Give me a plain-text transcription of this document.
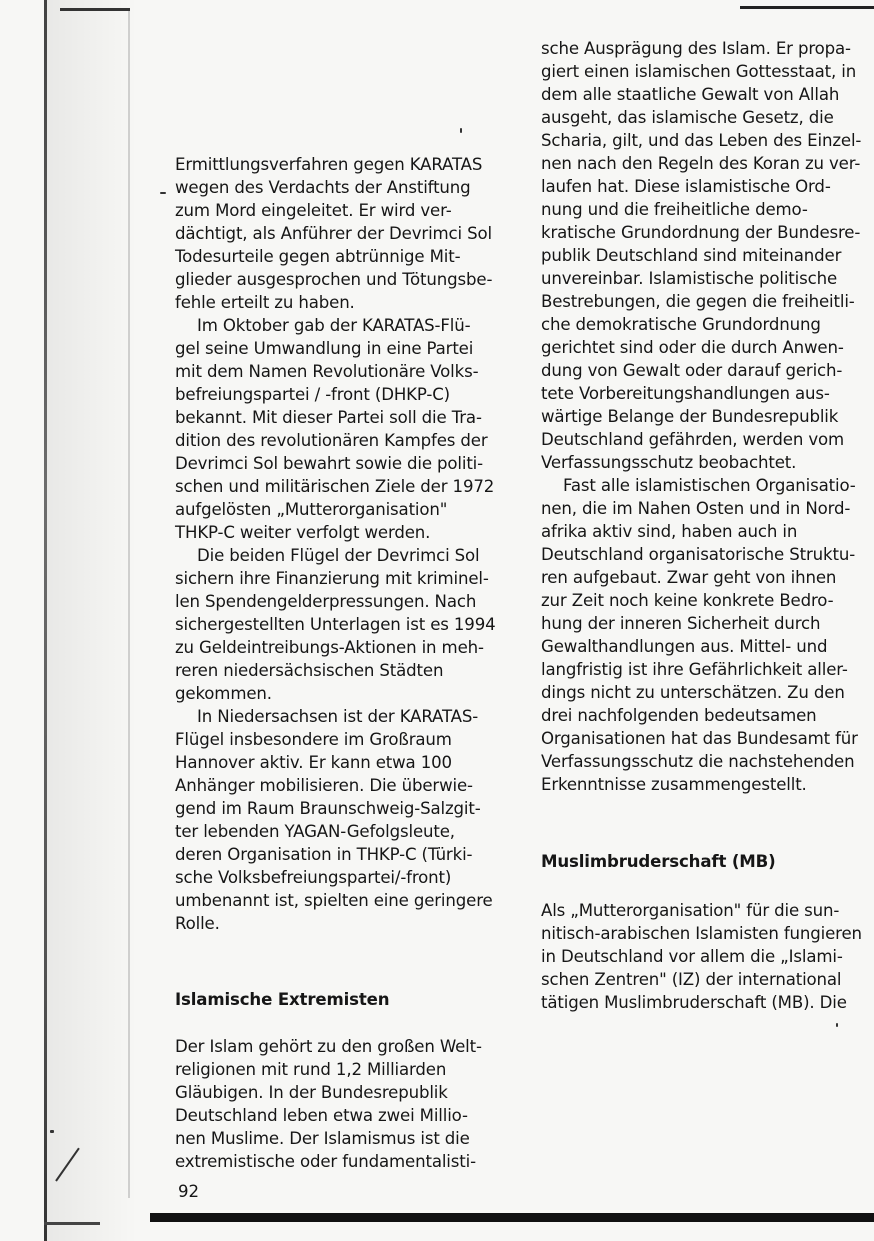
Ermittlungsverfahren gegen KARATAS
wegen des Verdachts der Anstiftung
zum Mord eingeleitet. Er wird ver-
dächtigt, als Anführer der Devrimci Sol
Todesurteile gegen abtrünnige Mit-
glieder ausgesprochen und Tötungsbe-
fehle erteilt zu haben.
Im Oktober gab der KARATAS-Flü-
gel seine Umwandlung in eine Partei
mit dem Namen Revolutionäre Volks-
befreiungspartei / -front (DHKP-C)
bekannt. Mit dieser Partei soll die Tra-
dition des revolutionären Kampfes der
Devrimci Sol bewahrt sowie die politi-
schen und militärischen Ziele der 1972
aufgelösten „Mutterorganisation"
THKP-C weiter verfolgt werden.
Die beiden Flügel der Devrimci Sol
sichern ihre Finanzierung mit kriminel-
len Spendengelderpressungen. Nach
sichergestellten Unterlagen ist es 1994
zu Geldeintreibungs-Aktionen in meh-
reren niedersächsischen Städten
gekommen.
In Niedersachsen ist der KARATAS-
Flügel insbesondere im Großraum
Hannover aktiv. Er kann etwa 100
Anhänger mobilisieren. Die überwie-
gend im Raum Braunschweig-Salzgit-
ter lebenden YAGAN-Gefolgsleute,
deren Organisation in THKP-C (Türki-
sche Volksbefreiungspartei/-front)
umbenannt ist, spielten eine geringere
Rolle.
Islamische Extremisten
Der Islam gehört zu den großen Welt-
religionen mit rund 1,2 Milliarden
Gläubigen. In der Bundesrepublik
Deutschland leben etwa zwei Millio-
nen Muslime. Der Islamismus ist die
extremistische oder fundamentalisti-
sche Ausprägung des Islam. Er propa-
giert einen islamischen Gottesstaat, in
dem alle staatliche Gewalt von Allah
ausgeht, das islamische Gesetz, die
Scharia, gilt, und das Leben des Einzel-
nen nach den Regeln des Koran zu ver-
laufen hat. Diese islamistische Ord-
nung und die freiheitliche demo-
kratische Grundordnung der Bundesre-
publik Deutschland sind miteinander
unvereinbar. Islamistische politische
Bestrebungen, die gegen die freiheitli-
che demokratische Grundordnung
gerichtet sind oder die durch Anwen-
dung von Gewalt oder darauf gerich-
tete Vorbereitungshandlungen aus-
wärtige Belange der Bundesrepublik
Deutschland gefährden, werden vom
Verfassungsschutz beobachtet.
Fast alle islamistischen Organisatio-
nen, die im Nahen Osten und in Nord-
afrika aktiv sind, haben auch in
Deutschland organisatorische Struktu-
ren aufgebaut. Zwar geht von ihnen
zur Zeit noch keine konkrete Bedro-
hung der inneren Sicherheit durch
Gewalthandlungen aus. Mittel- und
langfristig ist ihre Gefährlichkeit aller-
dings nicht zu unterschätzen. Zu den
drei nachfolgenden bedeutsamen
Organisationen hat das Bundesamt für
Verfassungsschutz die nachstehenden
Erkenntnisse zusammengestellt.
Muslimbruderschaft (MB)
Als „Mutterorganisation" für die sun-
nitisch-arabischen Islamisten fungieren
in Deutschland vor allem die „Islami-
schen Zentren" (IZ) der international
tätigen Muslimbruderschaft (MB). Die
92
